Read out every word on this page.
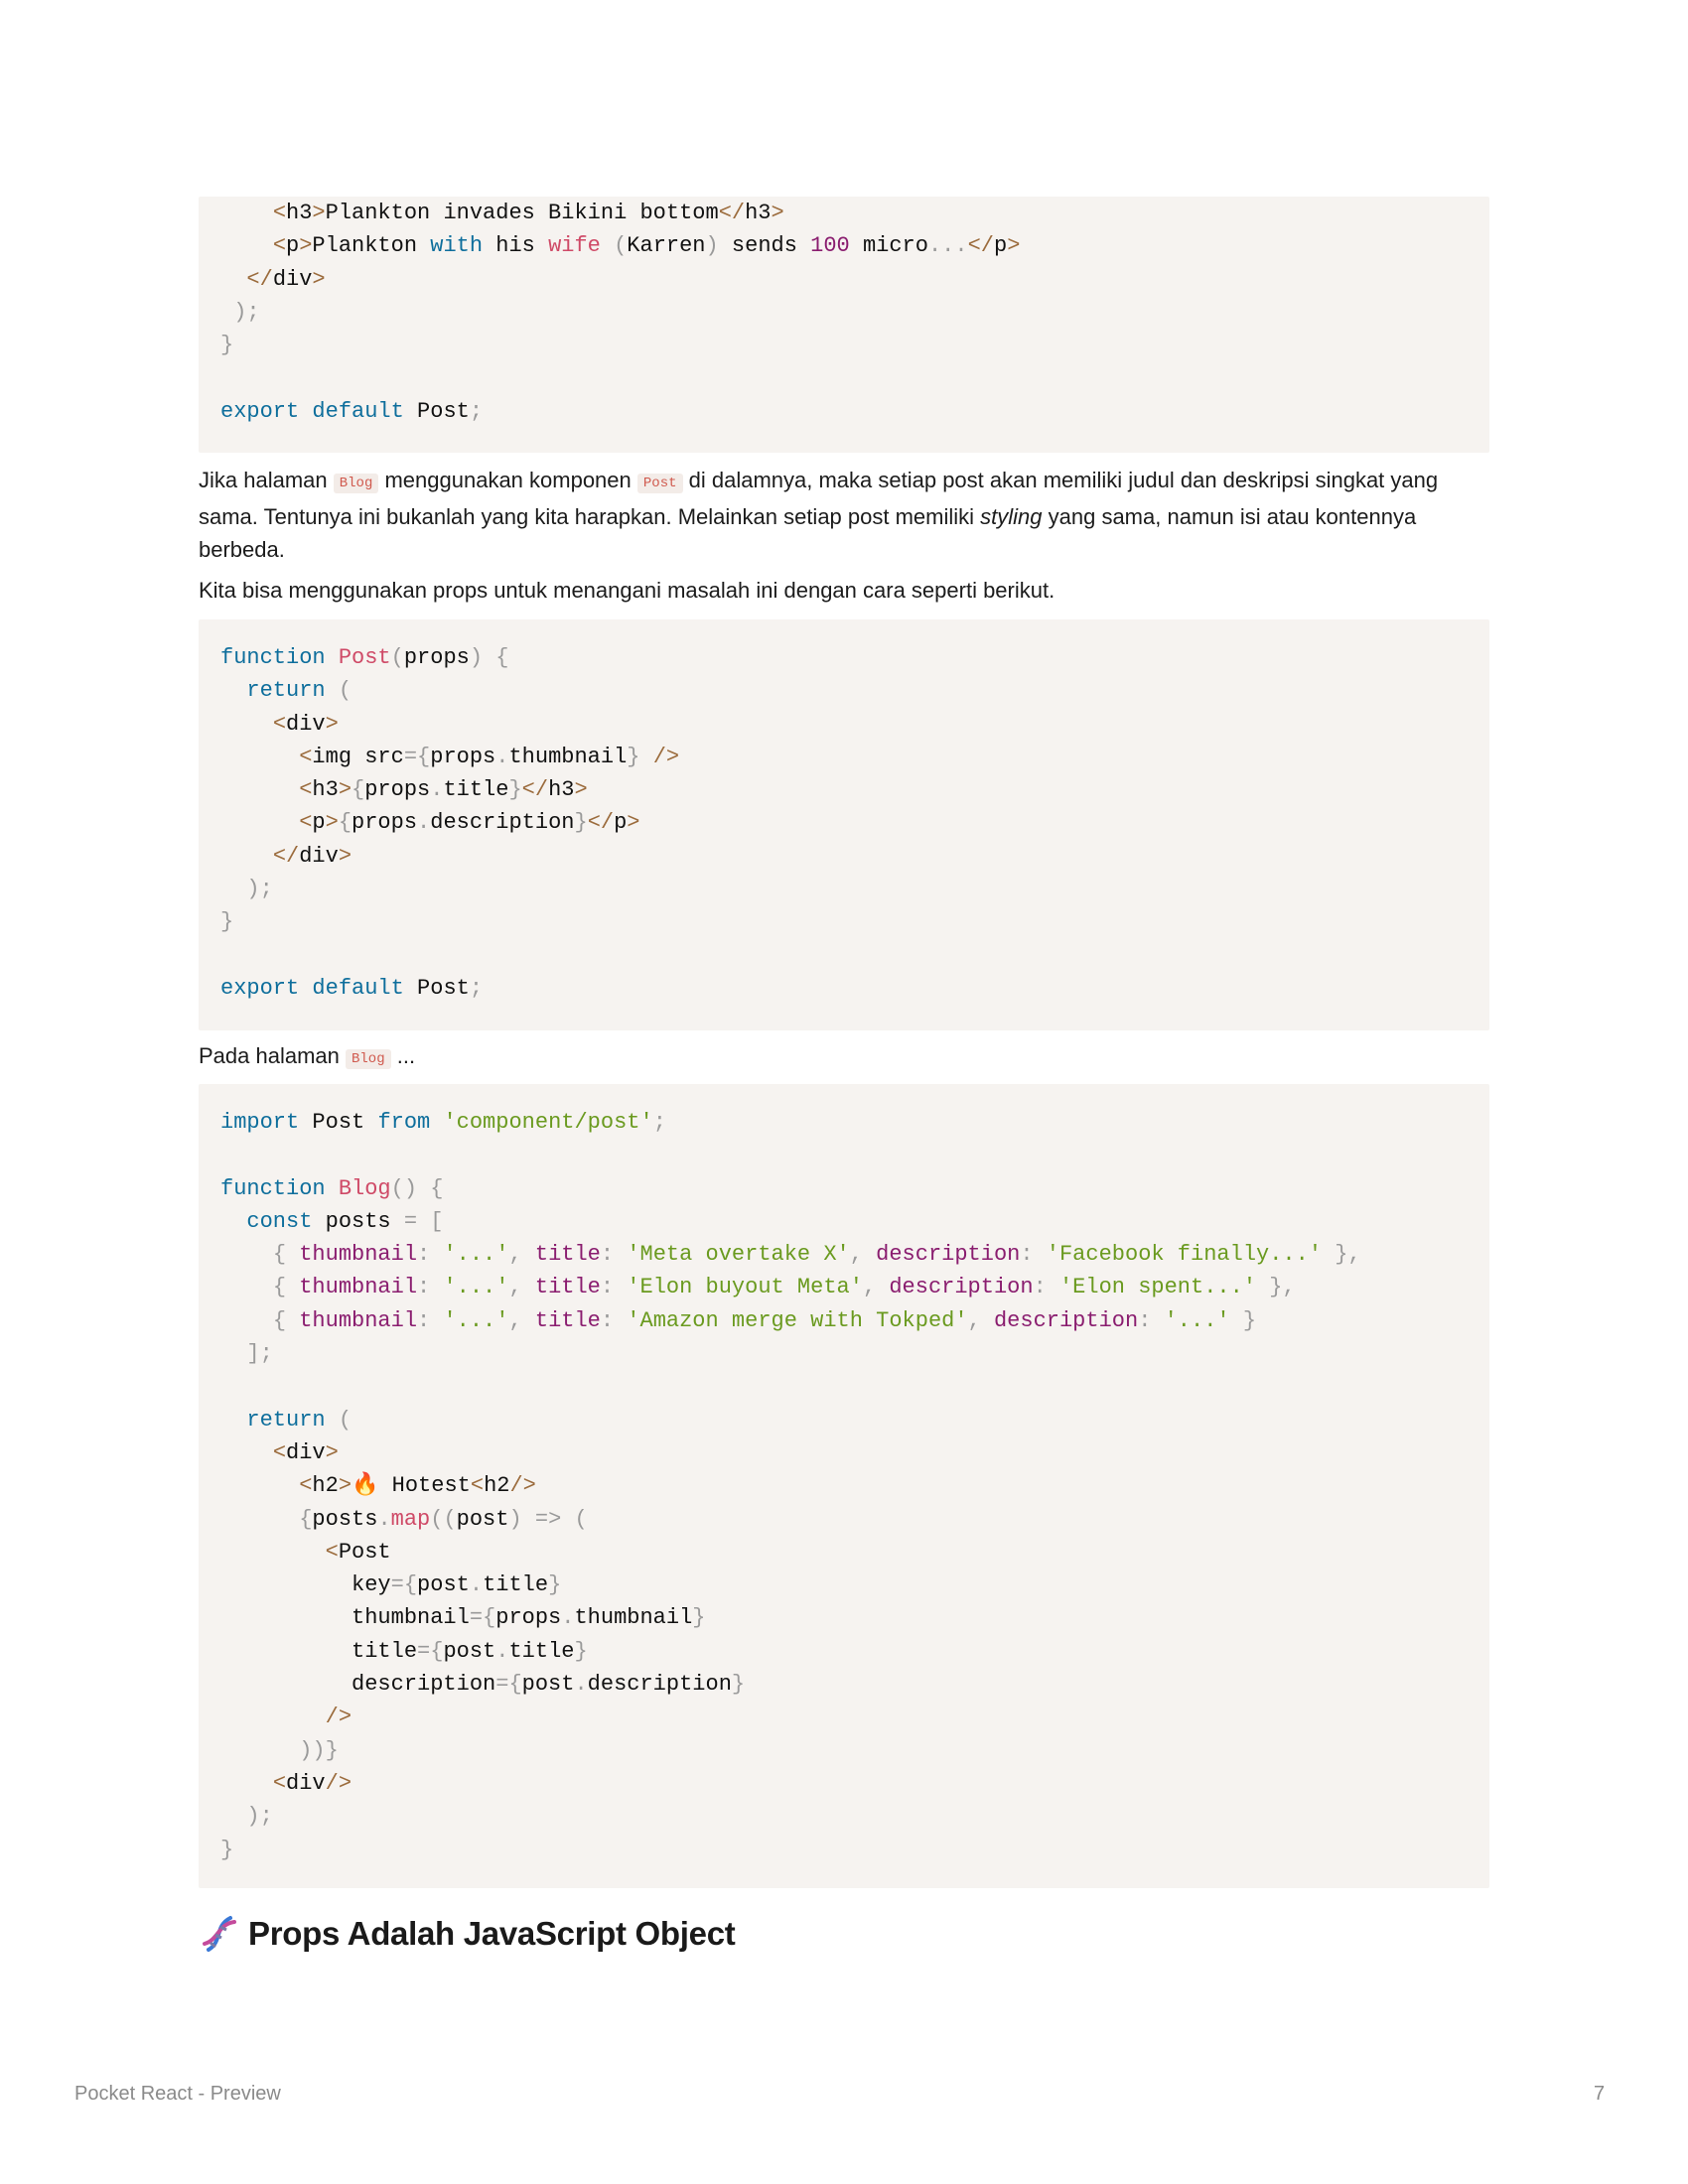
<h3>Plankton invades Bikini bottom</h3>
<p>Plankton with his wife (Karren) sends 100 micro...</p>
</div>
);
}
export default Post;
Jika halaman Blog menggunakan komponen Post di dalamnya, maka setiap post akan memiliki judul dan deskripsi singkat yang sama. Tentunya ini bukanlah yang kita harapkan. Melainkan setiap post memiliki styling yang sama, namun isi atau kontennya berbeda.
Kita bisa menggunakan props untuk menangani masalah ini dengan cara seperti berikut.
function Post(props) {
return (
<div>
<img src={props.thumbnail} />
<h3>{props.title}</h3>
<p>{props.description}</p>
</div>
);
}
export default Post;
Pada halaman Blog ...
import Post from 'component/post';
function Blog() {
const posts = [
{ thumbnail: '...', title: 'Meta overtake X', description: 'Facebook finally...' },
{ thumbnail: '...', title: 'Elon buyout Meta', description: 'Elon spent...' },
{ thumbnail: '...', title: 'Amazon merge with Tokped', description: '...' }
];
return (
<div>
<h2>� Hotest<h2/>
{posts.map((post) => (
<Post
key={post.title}
thumbnail={props.thumbnail}
title={post.title}
description={post.description}
/>
))}
<div/>
);
}
Props Adalah JavaScript Object
Pocket React - Preview	7
